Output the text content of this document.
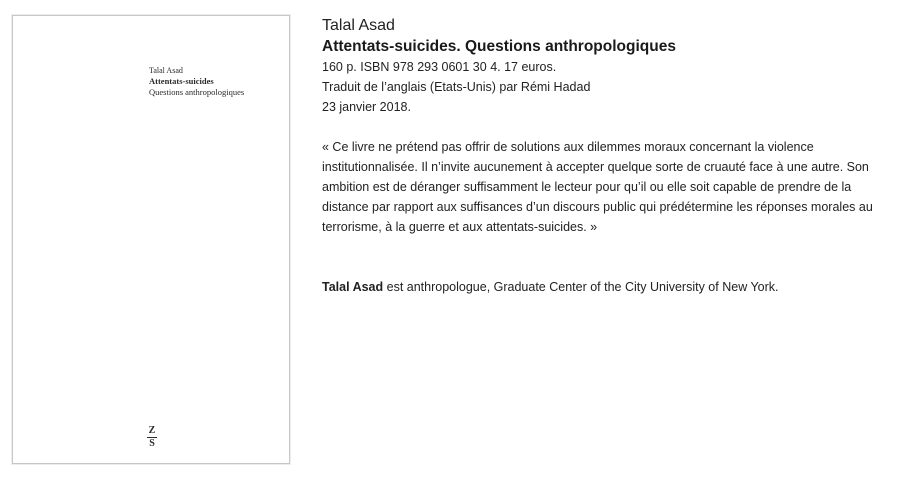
Talal Asad
Attentats-suicides
Questions anthropologiques
Z
S
Talal Asad
Attentats-suicides. Questions anthropologiques
160 p. ISBN 978 293 0601 30 4. 17 euros.
Traduit de l’anglais (Etats-Unis) par Rémi Hadad
23 janvier 2018.
« Ce livre ne prétend pas offrir de solutions aux dilemmes moraux concernant la violence
institutionnalisée. Il n’invite aucunement à accepter quelque sorte de cruauté face à une autre. Son
ambition est de déranger suffisamment le lecteur pour qu’il ou elle soit capable de prendre de la
distance par rapport aux suffisances d’un discours public qui prédétermine les réponses morales au
terrorisme, à la guerre et aux attentats-suicides. »
Talal Asad est anthropologue, Graduate Center of the City University of New York.
